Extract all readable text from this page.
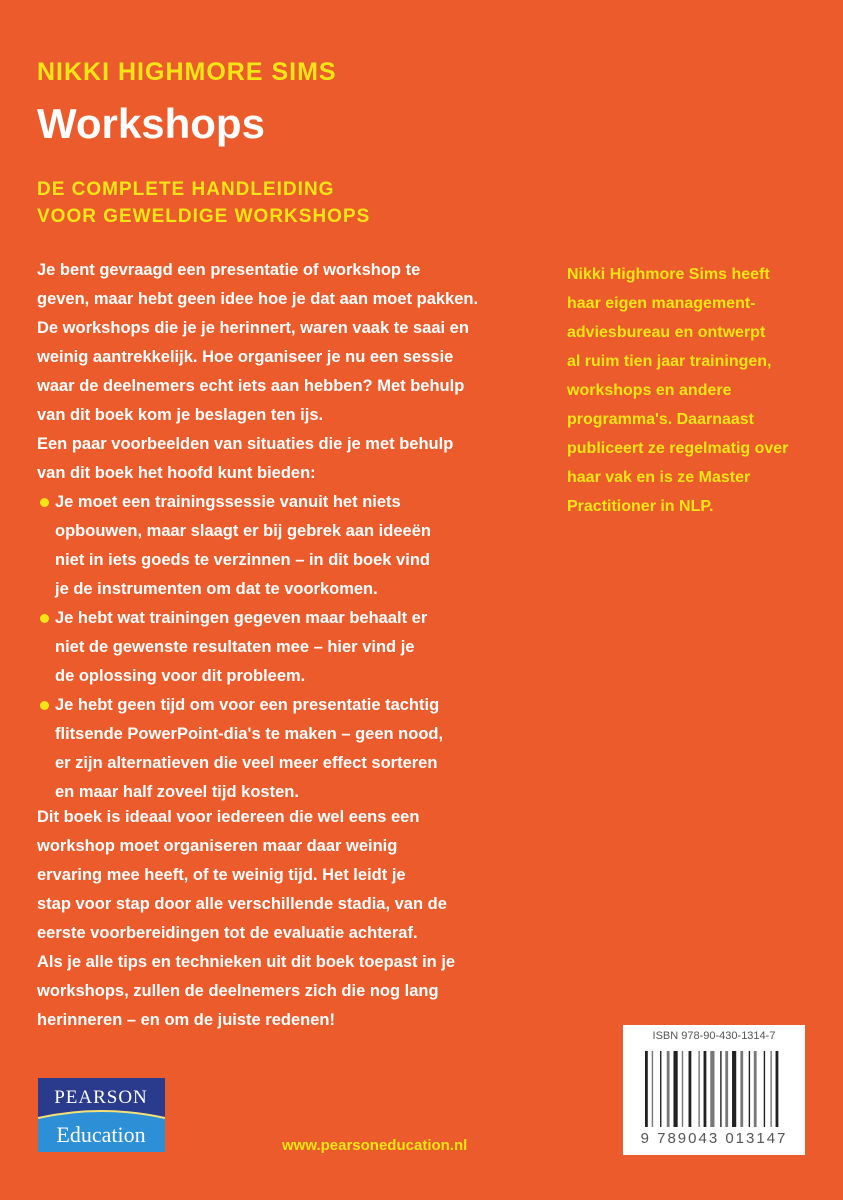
NIKKI HIGHMORE SIMS
Workshops
DE COMPLETE HANDLEIDING
VOOR GEWELDIGE WORKSHOPS
Je bent gevraagd een presentatie of workshop te
geven, maar hebt geen idee hoe je dat aan moet pakken.
De workshops die je je herinnert, waren vaak te saai en
weinig aantrekkelijk. Hoe organiseer je nu een sessie
waar de deelnemers echt iets aan hebben? Met behulp
van dit boek kom je beslagen ten ijs.
Een paar voorbeelden van situaties die je met behulp
van dit boek het hoofd kunt bieden:
Je moet een trainingssessie vanuit het niets
opbouwen, maar slaagt er bij gebrek aan ideeën
niet in iets goeds te verzinnen – in dit boek vind
je de instrumenten om dat te voorkomen.
Je hebt wat trainingen gegeven maar behaalt er
niet de gewenste resultaten mee – hier vind je
de oplossing voor dit probleem.
Je hebt geen tijd om voor een presentatie tachtig
flitsende PowerPoint-dia's te maken – geen nood,
er zijn alternatieven die veel meer effect sorteren
en maar half zoveel tijd kosten.
Dit boek is ideaal voor iedereen die wel eens een
workshop moet organiseren maar daar weinig
ervaring mee heeft, of te weinig tijd. Het leidt je
stap voor stap door alle verschillende stadia, van de
eerste voorbereidingen tot de evaluatie achteraf.
Als je alle tips en technieken uit dit boek toepast in je
workshops, zullen de deelnemers zich die nog lang
herinneren – en om de juiste redenen!
Nikki Highmore Sims heeft
haar eigen management-
adviesbureau en ontwerpt
al ruim tien jaar trainingen,
workshops en andere
programma's. Daarnaast
publiceert ze regelmatig over
haar vak en is ze Master
Practitioner in NLP.
PEARSON
Education	www.pearsoneducation.nl
ISBN 978-90-430-1314-7
9 789043 013147
